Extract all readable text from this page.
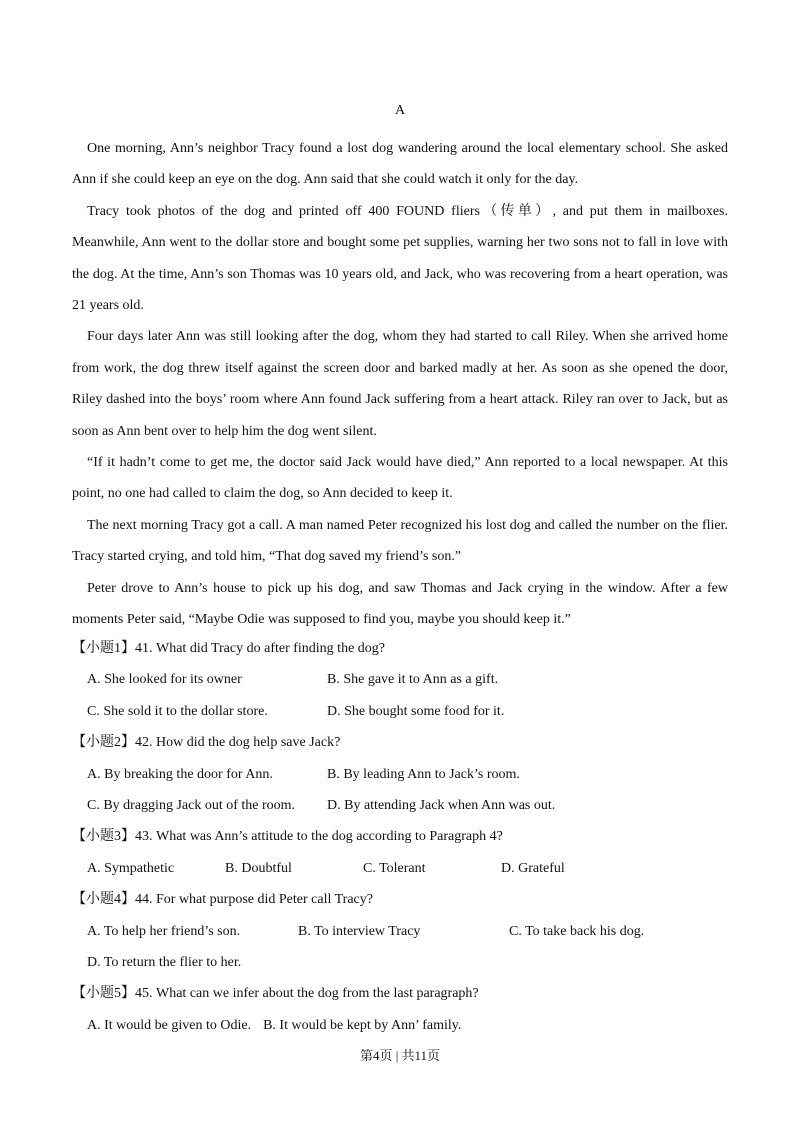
A

One morning, Ann’s neighbor Tracy found a lost dog wandering around the local elementary school. She asked Ann if she could keep an eye on the dog. Ann said that she could watch it only for the day.

Tracy took photos of the dog and printed off 400 FOUND fliers（传单）, and put them in mailboxes. Meanwhile, Ann went to the dollar store and bought some pet supplies, warning her two sons not to fall in love with the dog. At the time, Ann’s son Thomas was 10 years old, and Jack, who was recovering from a heart operation, was 21 years old.

Four days later Ann was still looking after the dog, whom they had started to call Riley. When she arrived home from work, the dog threw itself against the screen door and barked madly at her. As soon as she opened the door, Riley dashed into the boys’ room where Ann found Jack suffering from a heart attack. Riley ran over to Jack, but as soon as Ann bent over to help him the dog went silent.

“If it hadn’t come to get me, the doctor said Jack would have died,” Ann reported to a local newspaper. At this point, no one had called to claim the dog, so Ann decided to keep it.

The next morning Tracy got a call. A man named Peter recognized his lost dog and called the number on the flier. Tracy started crying, and told him, “That dog saved my friend’s son.”

Peter drove to Ann’s house to pick up his dog, and saw Thomas and Jack crying in the window. After a few moments Peter said, “Maybe Odie was supposed to find you, maybe you should keep it.”

【小题1】41. What did Tracy do after finding the dog?

A. She looked for its owner	B. She gave it to Ann as a gift.
C. She sold it to the dollar store.	D. She bought some food for it.

【小题2】42. How did the dog help save Jack?

A. By breaking the door for Ann.	B. By leading Ann to Jack’s room.
C. By dragging Jack out of the room.	D. By attending Jack when Ann was out.

【小题3】43. What was Ann’s attitude to the dog according to Paragraph 4?

A. Sympathetic	B. Doubtful	C. Tolerant	D. Grateful

【小题4】44. For what purpose did Peter call Tracy?

A. To help her friend’s son.	B. To interview Tracy	C. To take back his dog.
D. To return the flier to her.

【小题5】45. What can we infer about the dog from the last paragraph?

A. It would be given to Odie. B. It would be kept by Ann’ family.
第4页 | 共11页
